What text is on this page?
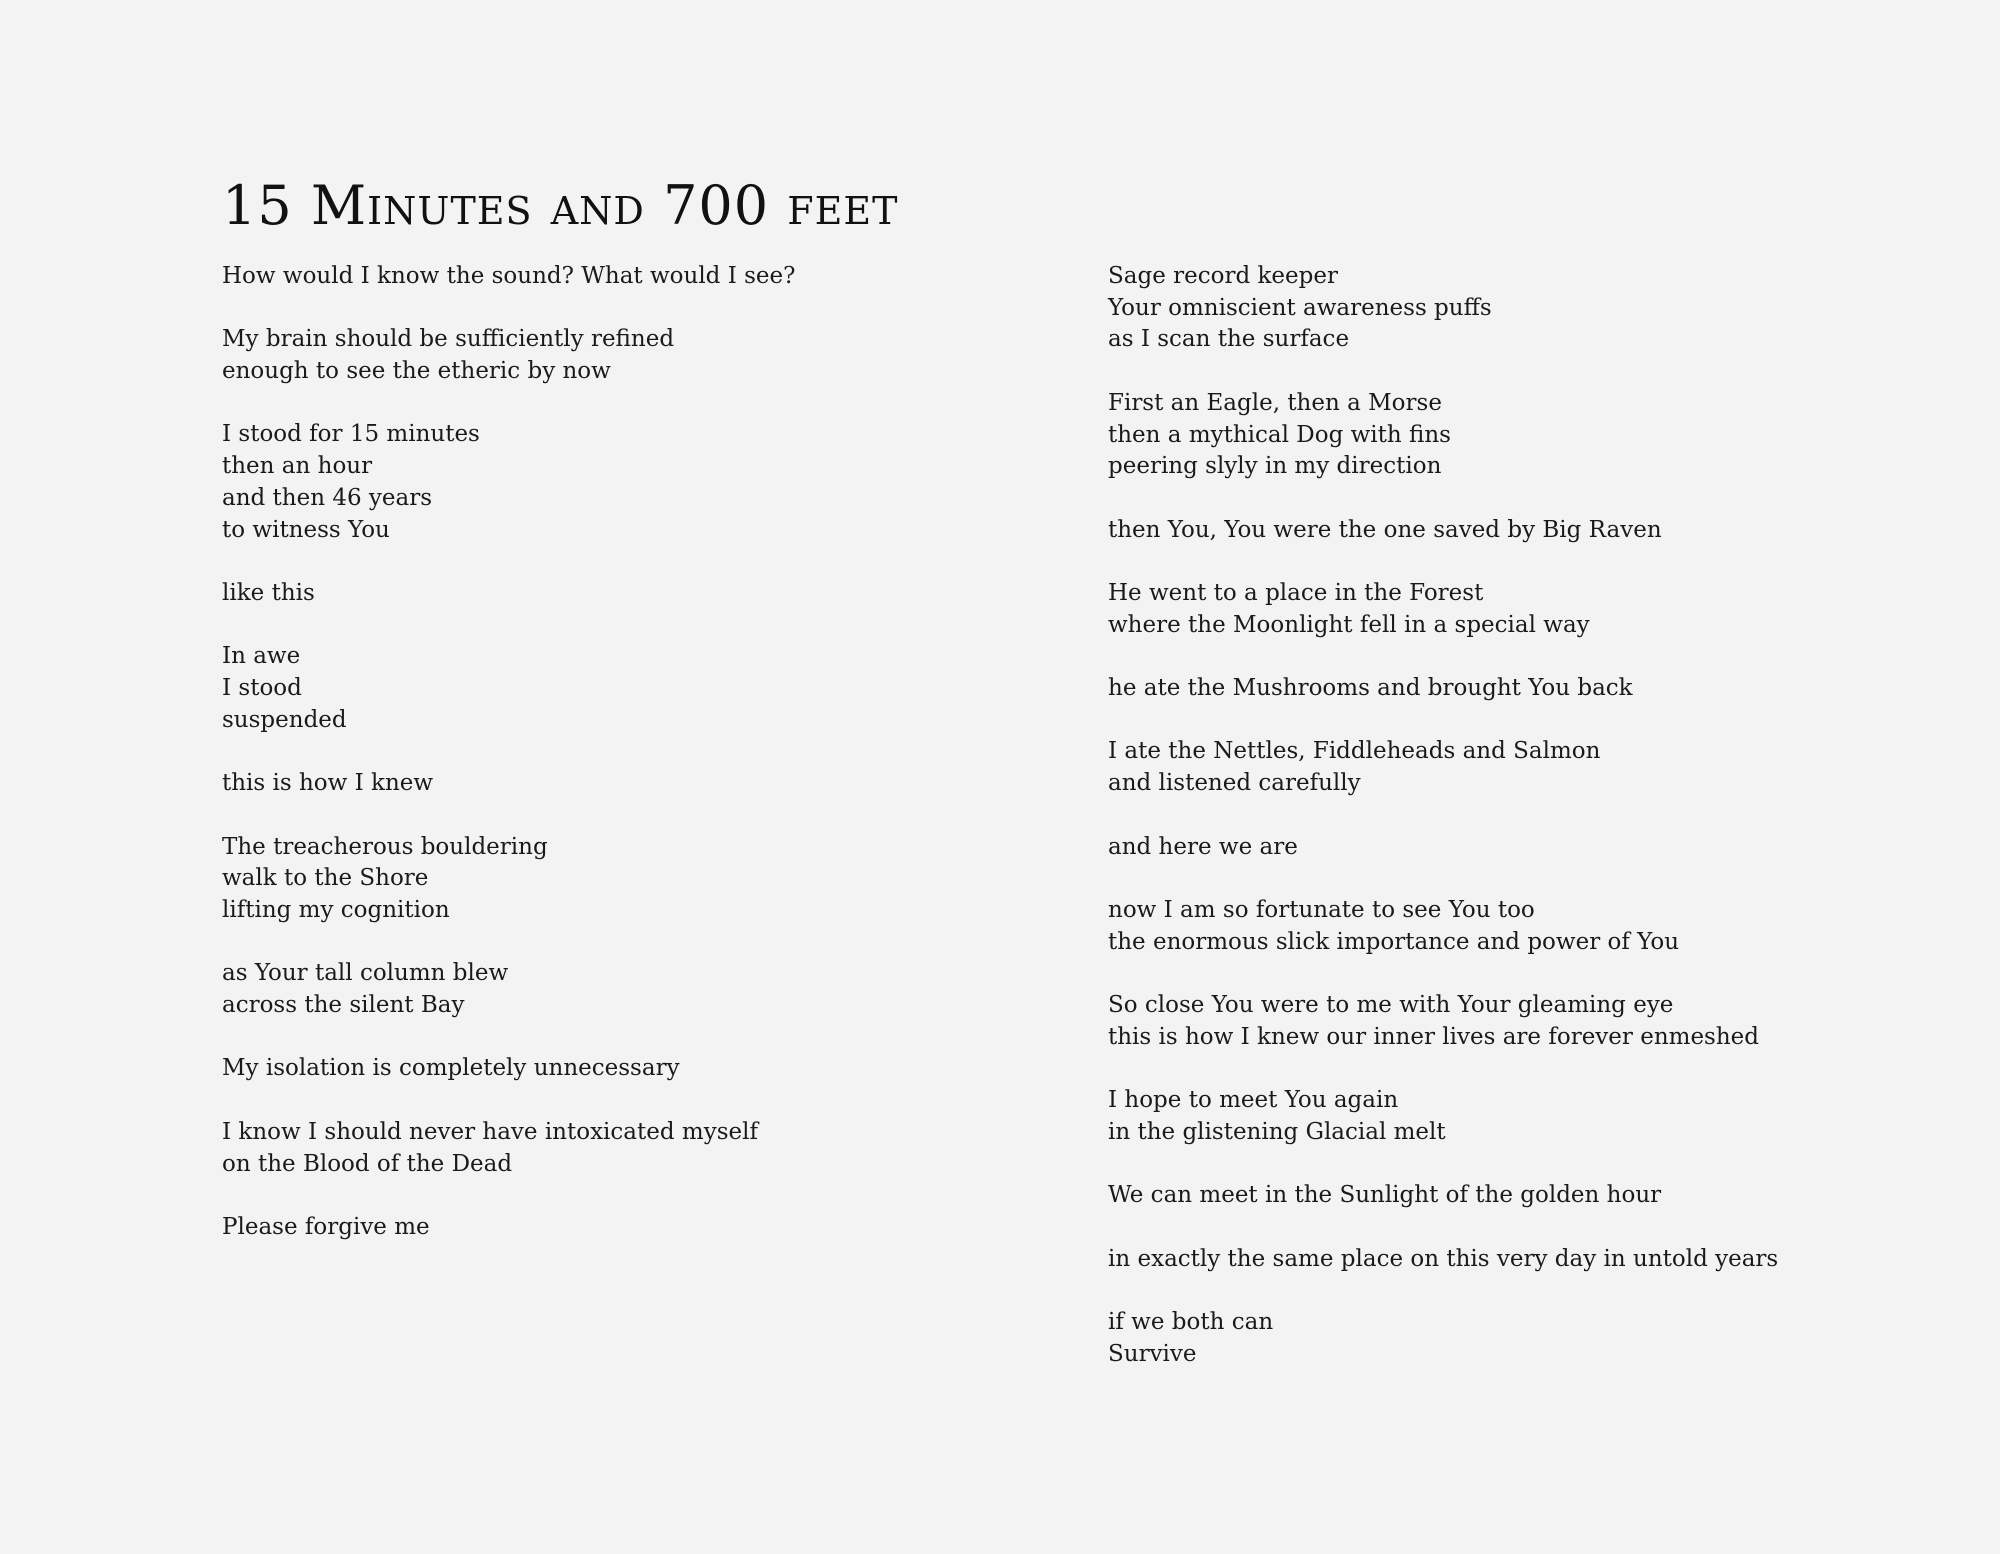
15 Minutes and 700 feet

How would I know the sound? What would I see?

My brain should be sufficiently refined
enough to see the etheric by now

I stood for 15 minutes
then an hour
and then 46 years
to witness You

like this

In awe
I stood
suspended

this is how I knew

The treacherous bouldering
walk to the Shore
lifting my cognition

as Your tall column blew
across the silent Bay

My isolation is completely unnecessary

I know I should never have intoxicated myself
on the Blood of the Dead

Please forgive me

Sage record keeper
Your omniscient awareness puffs
as I scan the surface

First an Eagle, then a Morse
then a mythical Dog with fins
peering slyly in my direction

then You, You were the one saved by Big Raven

He went to a place in the Forest
where the Moonlight fell in a special way

he ate the Mushrooms and brought You back

I ate the Nettles, Fiddleheads and Salmon
and listened carefully

and here we are

now I am so fortunate to see You too
the enormous slick importance and power of You

So close You were to me with Your gleaming eye
this is how I knew our inner lives are forever enmeshed

I hope to meet You again
in the glistening Glacial melt

We can meet in the Sunlight of the golden hour

in exactly the same place on this very day in untold years

if we both can
Survive
